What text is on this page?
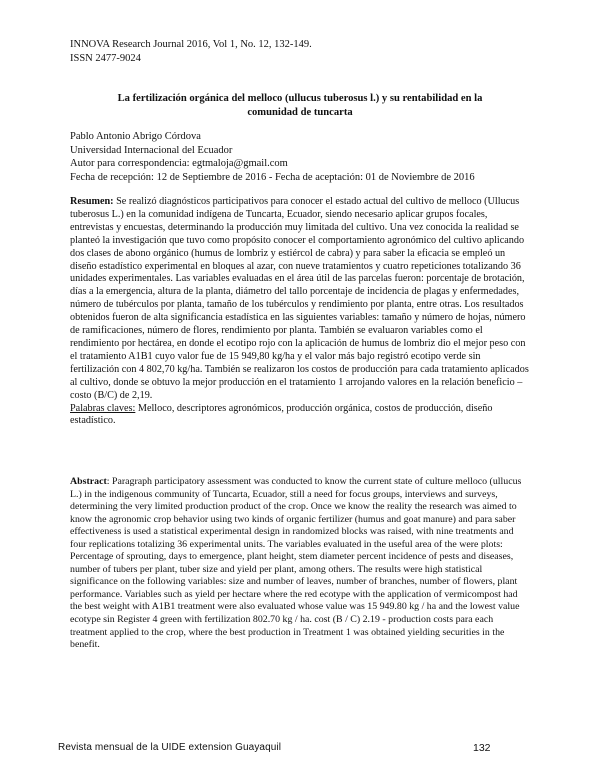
INNOVA Research Journal 2016, Vol 1, No. 12, 132-149.
ISSN 2477-9024
La fertilización orgánica del melloco (ullucus tuberosus l.) y su rentabilidad en la
comunidad de tuncarta
Pablo Antonio Abrigo Córdova
Universidad Internacional del Ecuador
Autor para correspondencia: egtmaloja@gmail.com
Fecha de recepción: 12 de Septiembre de 2016 - Fecha de aceptación: 01 de Noviembre de 2016

Resumen: Se realizó diagnósticos participativos para conocer el estado actual del cultivo de melloco (Ullucus tuberosus L.) en la comunidad indígena de Tuncarta, Ecuador, siendo necesario aplicar grupos focales, entrevistas y encuestas, determinando la producción muy limitada del cultivo. Una vez conocida la realidad se planteó la investigación que tuvo como propósito conocer el comportamiento agronómico del cultivo aplicando dos clases de abono orgánico (humus de lombriz y estiércol de cabra) y para saber la eficacia se empleó un diseño estadístico experimental en bloques al azar, con nueve tratamientos y cuatro repeticiones totalizando 36 unidades experimentales. Las variables evaluadas en el área útil de las parcelas fueron: porcentaje de brotación, días a la emergencia, altura de la planta, diámetro del tallo porcentaje de incidencia de plagas y enfermedades, número de tubérculos por planta, tamaño de los tubérculos y rendimiento por planta, entre otras. Los resultados obtenidos fueron de alta significancia estadística en las siguientes variables: tamaño y número de hojas, número de ramificaciones, número de flores, rendimiento por planta. También se evaluaron variables como el rendimiento por hectárea, en donde el ecotipo rojo con la aplicación de humus de lombriz dio el mejor peso con el tratamiento A1B1 cuyo valor fue de 15 949,80 kg/ha y el valor más bajo registró ecotipo verde sin fertilización con 4 802,70 kg/ha. También se realizaron los costos de producción para cada tratamiento aplicados al cultivo, donde se obtuvo la mejor producción en el tratamiento 1 arrojando valores en la relación beneficio – costo (B/C) de 2,19.

Palabras claves: Melloco, descriptores agronómicos, producción orgánica, costos de producción, diseño estadístico.

Abstract: Paragraph participatory assessment was conducted to know the current state of culture melloco (ullucus L.) in the indigenous community of Tuncarta, Ecuador, still a need for focus groups, interviews and surveys, determining the very limited production product of the crop. Once we know the reality the research was aimed to know the agronomic crop behavior using two kinds of organic fertilizer (humus and goat manure) and para saber effectiveness is used a statistical experimental design in randomized blocks was raised, with nine treatments and four replications totalizing 36 experimental units. The variables evaluated in the useful area of the were plots: Percentage of sprouting, days to emergence, plant height, stem diameter percent incidence of pests and diseases, number of tubers per plant, tuber size and yield per plant, among others. The results were high statistical significance on the following variables: size and number of leaves, number of branches, number of flowers, plant performance. Variables such as yield per hectare where the red ecotype with the application of vermicompost had the best weight with A1B1 treatment were also evaluated whose value was 15 949.80 kg / ha and the lowest value ecotype sin Register 4 green with fertilization 802.70 kg / ha. cost (B / C) 2.19 - production costs para each treatment applied to the crop, where the best production in Treatment 1 was obtained yielding securities in the benefit.

Revista mensual de la UIDE extension Guayaquil	132
